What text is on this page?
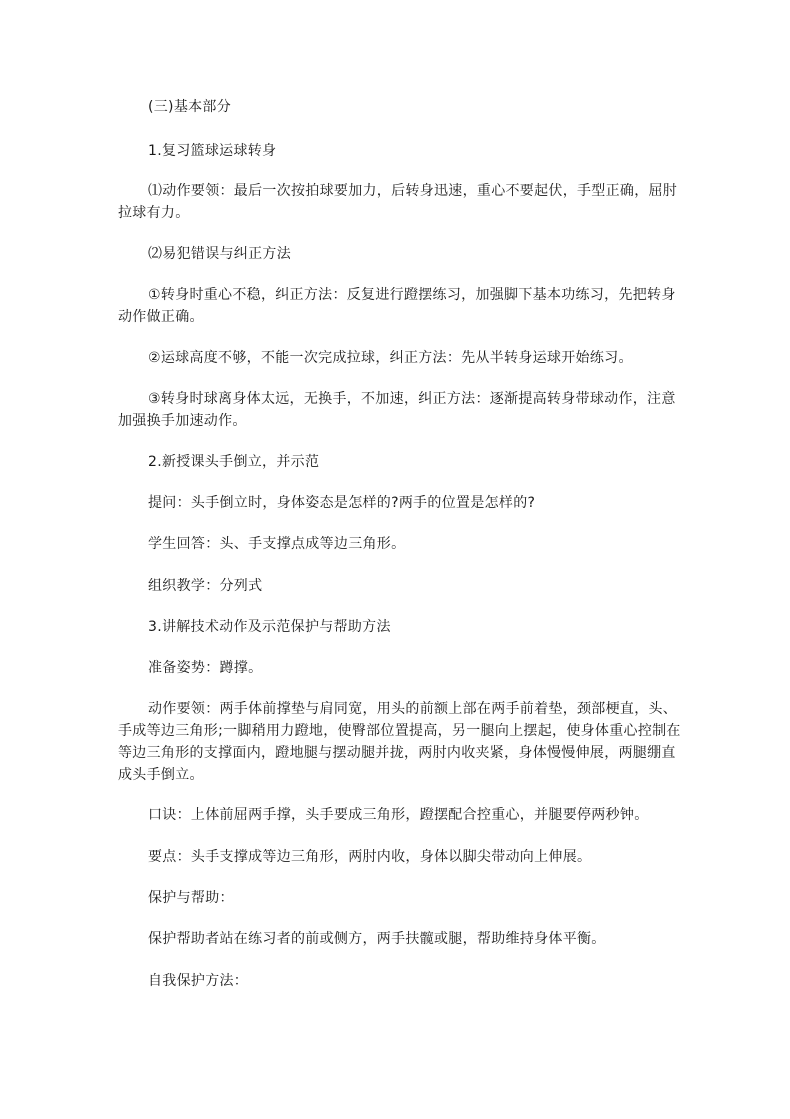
(三)基本部分
1.复习篮球运球转身
⑴动作要领：最后一次按拍球要加力，后转身迅速，重心不要起伏，手型正确，屈肘
拉球有力。
⑵易犯错误与纠正方法
①转身时重心不稳，纠正方法：反复进行蹬摆练习，加强脚下基本功练习，先把转身
动作做正确。
②运球高度不够，不能一次完成拉球，纠正方法：先从半转身运球开始练习。
③转身时球离身体太远，无换手，不加速，纠正方法：逐渐提高转身带球动作，注意
加强换手加速动作。
2.新授课头手倒立，并示范
提问：头手倒立时，身体姿态是怎样的?两手的位置是怎样的?
学生回答：头、手支撑点成等边三角形。
组织教学：分列式
3.讲解技术动作及示范保护与帮助方法
准备姿势：蹲撑。
动作要领：两手体前撑垫与肩同宽，用头的前额上部在两手前着垫，颈部梗直，头、
手成等边三角形;一脚稍用力蹬地，使臀部位置提高，另一腿向上摆起，使身体重心控制在
等边三角形的支撑面内，蹬地腿与摆动腿并拢，两肘内收夹紧，身体慢慢伸展，两腿绷直
成头手倒立。
口诀：上体前屈两手撑，头手要成三角形，蹬摆配合控重心，并腿要停两秒钟。
要点：头手支撑成等边三角形，两肘内收，身体以脚尖带动向上伸展。
保护与帮助：
保护帮助者站在练习者的前或侧方，两手扶髋或腿，帮助维持身体平衡。
自我保护方法：
